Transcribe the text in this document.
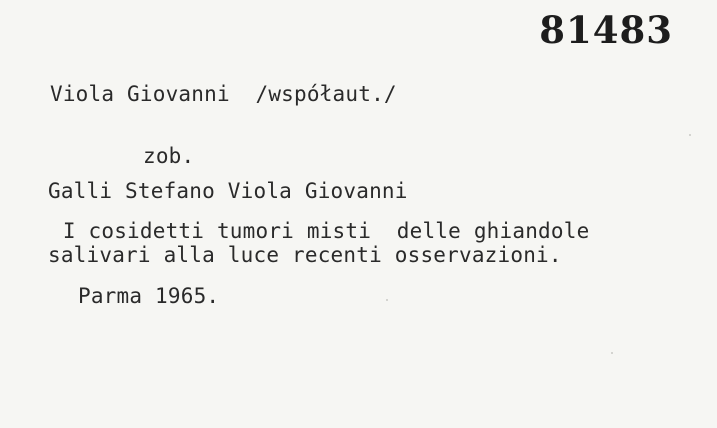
81483
Viola Giovanni  /współaut./
zob.
Galli Stefano Viola Giovanni
I cosidetti tumori misti  delle ghiandole
salivari alla luce recenti osservazioni.
Parma 1965.
